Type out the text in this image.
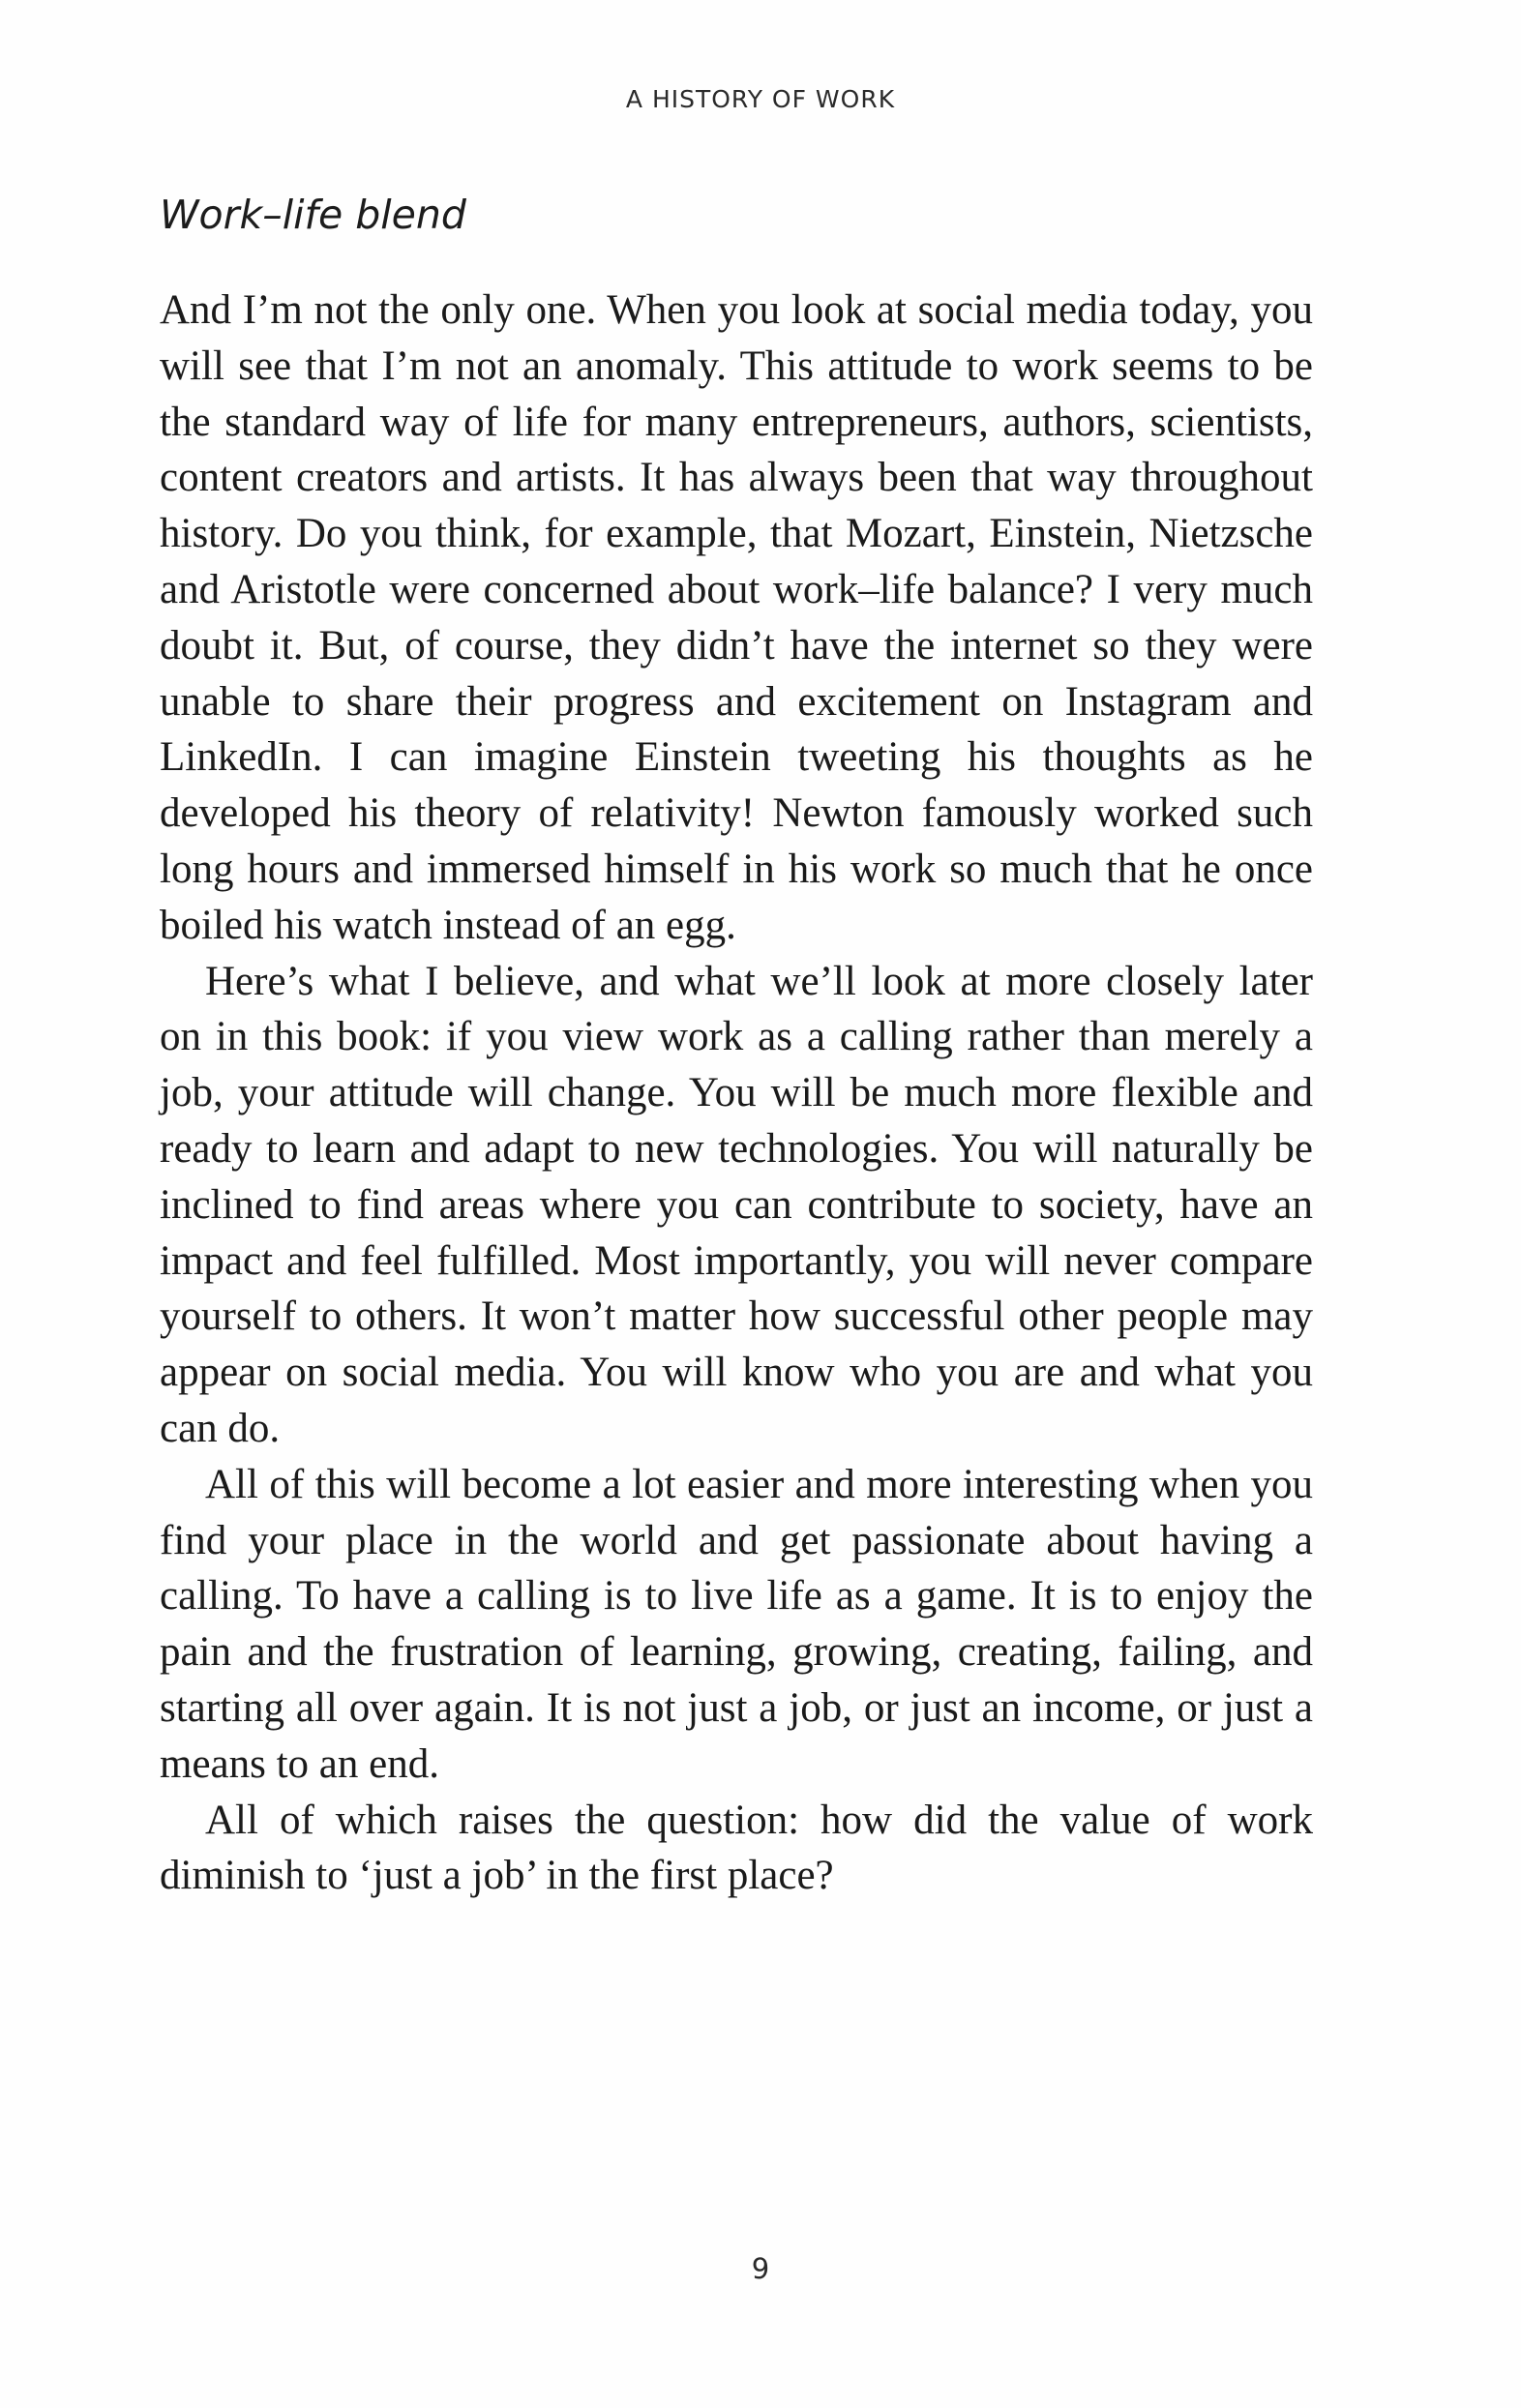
A HISTORY OF WORK
Work–life blend

And I’m not the only one. When you look at social media today, you will see that I’m not an anomaly. This attitude to work seems to be the standard way of life for many entrepreneurs, authors, scientists, content creators and artists. It has always been that way throughout history. Do you think, for example, that Mozart, Einstein, Nietzsche and Aristotle were concerned about work–life balance? I very much doubt it. But, of course, they didn’t have the internet so they were unable to share their progress and excitement on Instagram and LinkedIn. I can imagine Einstein tweeting his thoughts as he developed his theory of relativity! Newton famously worked such long hours and immersed himself in his work so much that he once boiled his watch instead of an egg.

Here’s what I believe, and what we’ll look at more closely later on in this book: if you view work as a calling rather than merely a job, your attitude will change. You will be much more flexible and ready to learn and adapt to new technologies. You will naturally be inclined to find areas where you can contribute to society, have an impact and feel fulfilled. Most importantly, you will never compare yourself to others. It won’t matter how successful other people may appear on social media. You will know who you are and what you can do.

All of this will become a lot easier and more interesting when you find your place in the world and get passionate about having a calling. To have a calling is to live life as a game. It is to enjoy the pain and the frustration of learning, growing, creating, failing, and starting all over again. It is not just a job, or just an income, or just a means to an end.

All of which raises the question: how did the value of work diminish to ‘just a job’ in the first place?

9
